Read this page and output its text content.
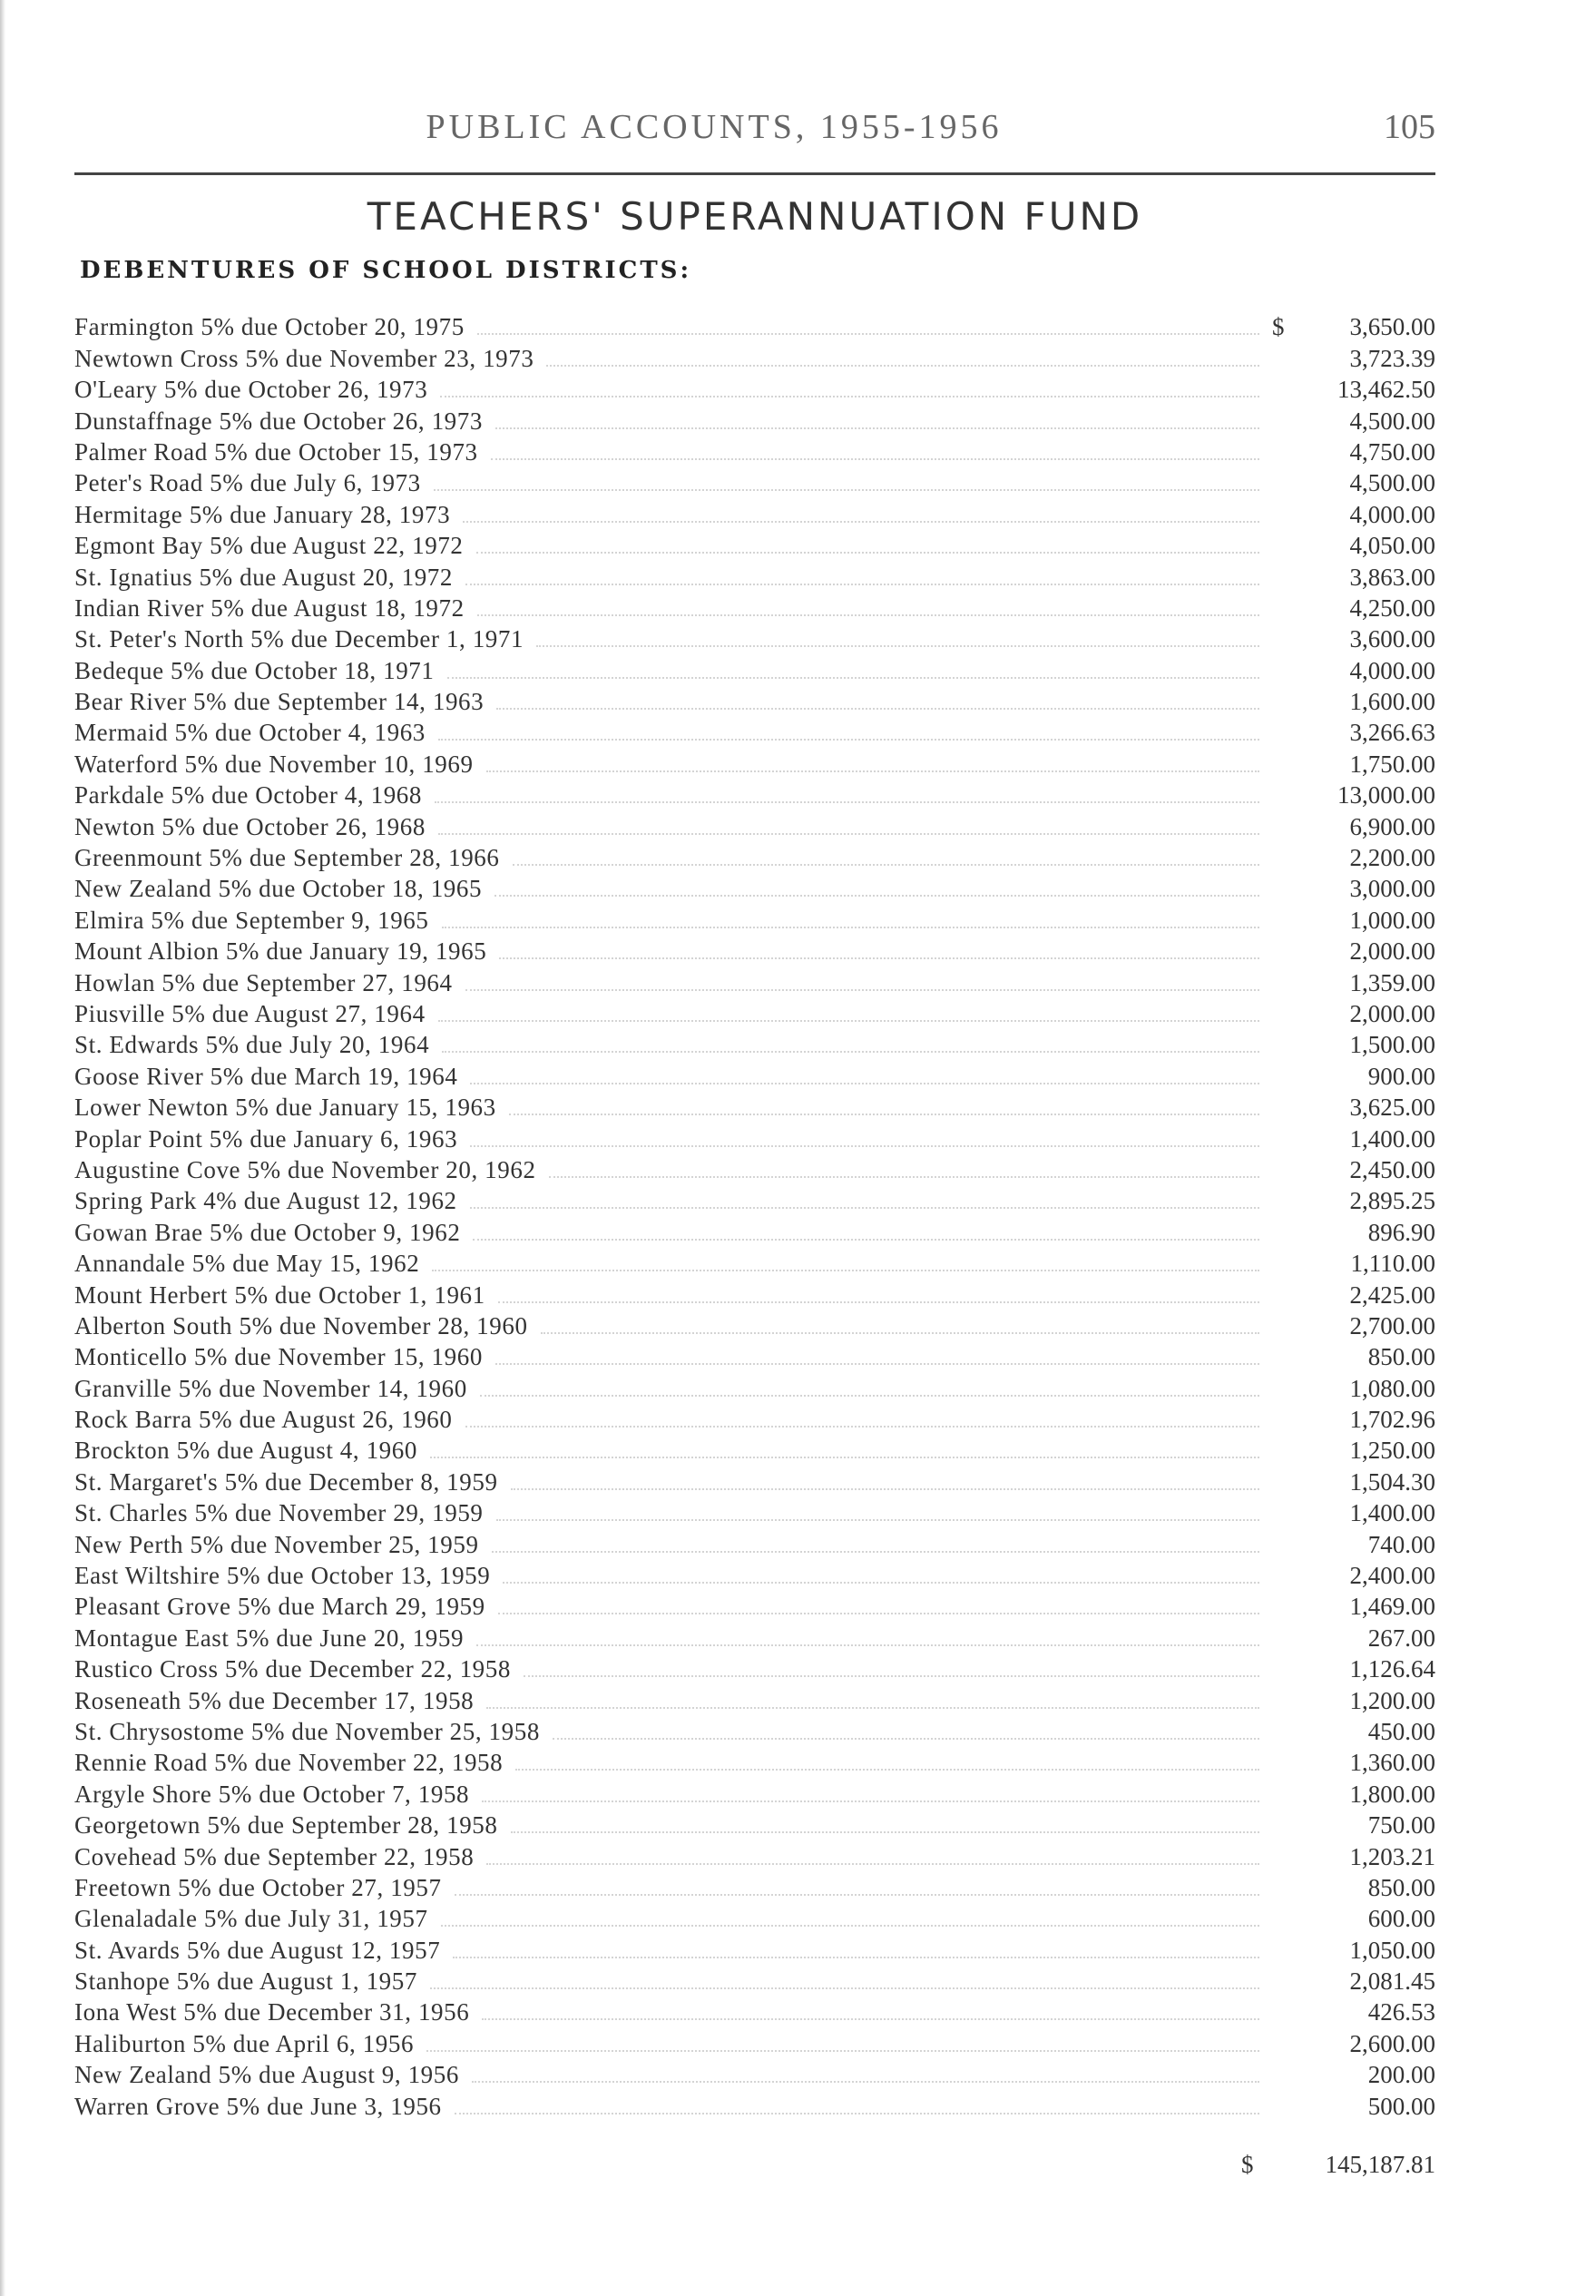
PUBLIC ACCOUNTS, 1955-1956	105
TEACHERS' SUPERANNUATION FUND
DEBENTURES OF SCHOOL DISTRICTS:
Farmington 5% due October 20, 1975	$	3,650.00
Newtown Cross 5% due November 23, 1973	3,723.39
O'Leary 5% due October 26, 1973	13,462.50
Dunstaffnage 5% due October 26, 1973	4,500.00
Palmer Road 5% due October 15, 1973	4,750.00
Peter's Road 5% due July 6, 1973	4,500.00
Hermitage 5% due January 28, 1973	4,000.00
Egmont Bay 5% due August 22, 1972	4,050.00
St. Ignatius 5% due August 20, 1972	3,863.00
Indian River 5% due August 18, 1972	4,250.00
St. Peter's North 5% due December 1, 1971	3,600.00
Bedeque 5% due October 18, 1971	4,000.00
Bear River 5% due September 14, 1963	1,600.00
Mermaid 5% due October 4, 1963	3,266.63
Waterford 5% due November 10, 1969	1,750.00
Parkdale 5% due October 4, 1968	13,000.00
Newton 5% due October 26, 1968	6,900.00
Greenmount 5% due September 28, 1966	2,200.00
New Zealand 5% due October 18, 1965	3,000.00
Elmira 5% due September 9, 1965	1,000.00
Mount Albion 5% due January 19, 1965	2,000.00
Howlan 5% due September 27, 1964	1,359.00
Piusville 5% due August 27, 1964	2,000.00
St. Edwards 5% due July 20, 1964	1,500.00
Goose River 5% due March 19, 1964	900.00
Lower Newton 5% due January 15, 1963	3,625.00
Poplar Point 5% due January 6, 1963	1,400.00
Augustine Cove 5% due November 20, 1962	2,450.00
Spring Park 4% due August 12, 1962	2,895.25
Gowan Brae 5% due October 9, 1962	896.90
Annandale 5% due May 15, 1962	1,110.00
Mount Herbert 5% due October 1, 1961	2,425.00
Alberton South 5% due November 28, 1960	2,700.00
Monticello 5% due November 15, 1960	850.00
Granville 5% due November 14, 1960	1,080.00
Rock Barra 5% due August 26, 1960	1,702.96
Brockton 5% due August 4, 1960	1,250.00
St. Margaret's 5% due December 8, 1959	1,504.30
St. Charles 5% due November 29, 1959	1,400.00
New Perth 5% due November 25, 1959	740.00
East Wiltshire 5% due October 13, 1959	2,400.00
Pleasant Grove 5% due March 29, 1959	1,469.00
Montague East 5% due June 20, 1959	267.00
Rustico Cross 5% due December 22, 1958	1,126.64
Roseneath 5% due December 17, 1958	1,200.00
St. Chrysostome 5% due November 25, 1958	450.00
Rennie Road 5% due November 22, 1958	1,360.00
Argyle Shore 5% due October 7, 1958	1,800.00
Georgetown 5% due September 28, 1958	750.00
Covehead 5% due September 22, 1958	1,203.21
Freetown 5% due October 27, 1957	850.00
Glenaladale 5% due July 31, 1957	600.00
St. Avards 5% due August 12, 1957	1,050.00
Stanhope 5% due August 1, 1957	2,081.45
Iona West 5% due December 31, 1956	426.53
Haliburton 5% due April 6, 1956	2,600.00
New Zealand 5% due August 9, 1956	200.00
Warren Grove 5% due June 3, 1956	500.00
$	145,187.81
